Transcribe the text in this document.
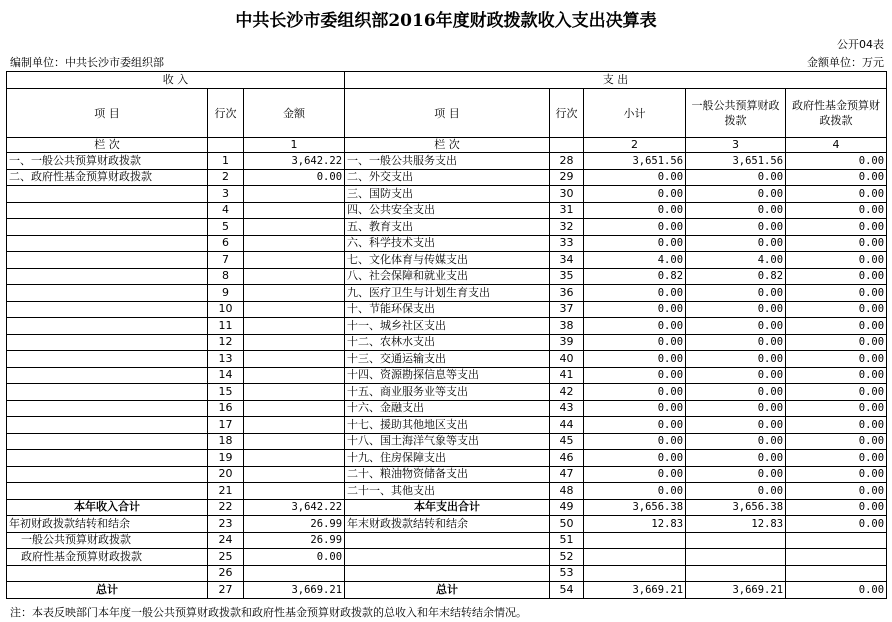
中共长沙市委组织部2016年度财政拨款收入支出决算表
公开04表
编制单位：中共长沙市委组织部	金额单位：万元
收 入			支 出				
项 目	行次	金额	项 目	行次	小计	一般公共预算财政拨款	政府性基金预算财政拨款
栏 次		1	栏 次		2	3	4
一、一般公共预算财政拨款	1	3,642.22	一、一般公共服务支出	28	3,651.56	3,651.56	0.00
二、政府性基金预算财政拨款	2	0.00	二、外交支出	29	0.00	0.00	0.00
	3		三、国防支出	30	0.00	0.00	0.00
	4		四、公共安全支出	31	0.00	0.00	0.00
	5		五、教育支出	32	0.00	0.00	0.00
	6		六、科学技术支出	33	0.00	0.00	0.00
	7		七、文化体育与传媒支出	34	4.00	4.00	0.00
	8		八、社会保障和就业支出	35	0.82	0.82	0.00
	9		九、医疗卫生与计划生育支出	36	0.00	0.00	0.00
	10		十、节能环保支出	37	0.00	0.00	0.00
	11		十一、城乡社区支出	38	0.00	0.00	0.00
	12		十二、农林水支出	39	0.00	0.00	0.00
	13		十三、交通运输支出	40	0.00	0.00	0.00
	14		十四、资源勘探信息等支出	41	0.00	0.00	0.00
	15		十五、商业服务业等支出	42	0.00	0.00	0.00
	16		十六、金融支出	43	0.00	0.00	0.00
	17		十七、援助其他地区支出	44	0.00	0.00	0.00
	18		十八、国土海洋气象等支出	45	0.00	0.00	0.00
	19		十九、住房保障支出	46	0.00	0.00	0.00
	20		二十、粮油物资储备支出	47	0.00	0.00	0.00
	21		二十一、其他支出	48	0.00	0.00	0.00
本年收入合计	22	3,642.22	本年支出合计	49	3,656.38	3,656.38	0.00
年初财政拨款结转和结余	23	26.99	年末财政拨款结转和结余	50	12.83	12.83	0.00
一般公共预算财政拨款	24	26.99		51			
政府性基金预算财政拨款	25	0.00		52			
	26			53			
总计	27	3,669.21	总计	54	3,669.21	3,669.21	0.00
注：本表反映部门本年度一般公共预算财政拨款和政府性基金预算财政拨款的总收入和年末结转结余情况。
